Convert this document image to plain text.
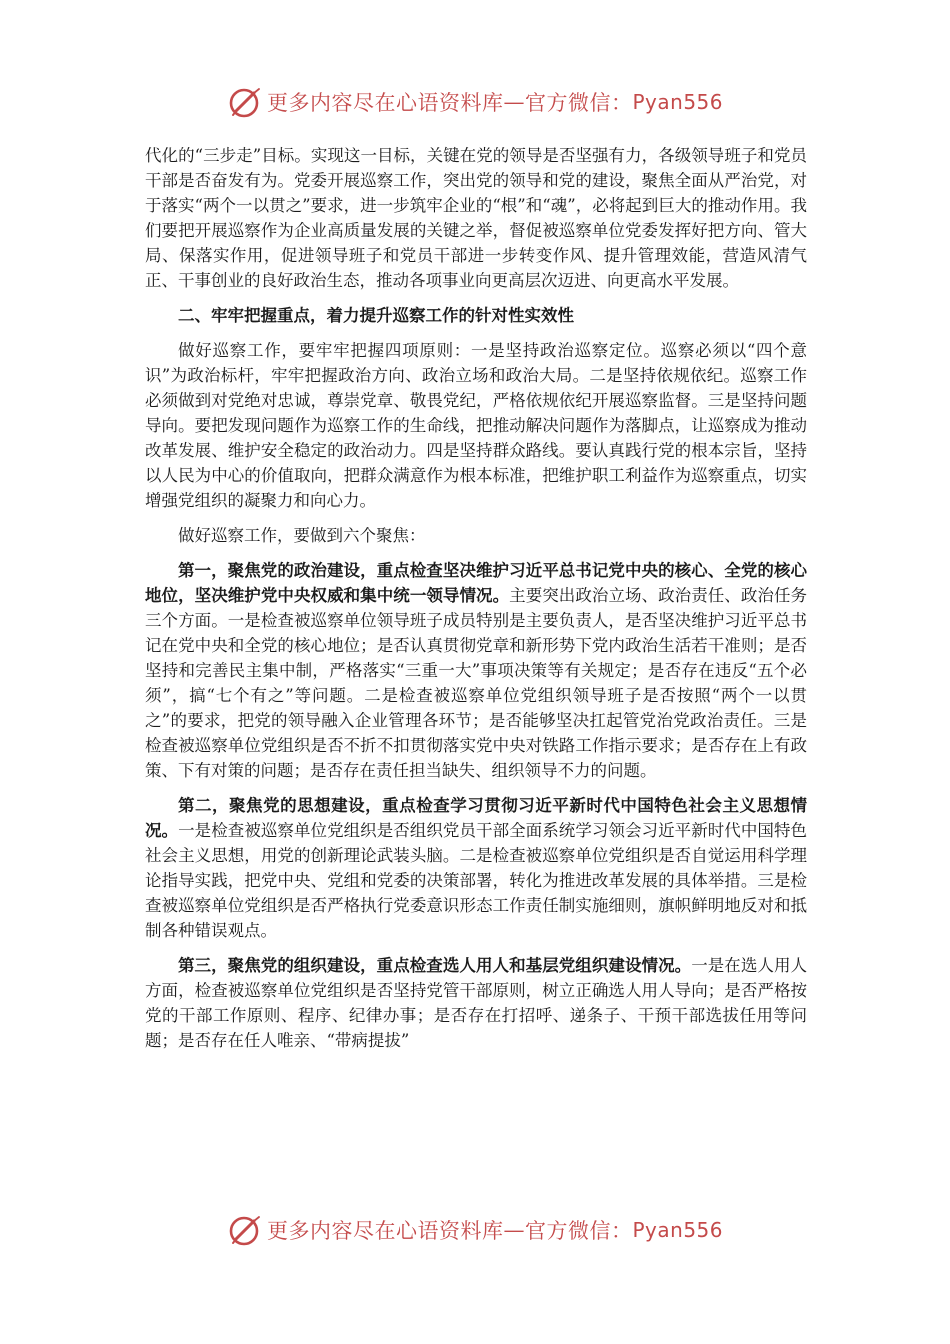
更多内容尽在心语资料库 — 官方微信： Pyan556

代化的“三步走”目标。实现这一目标，关键在党的领导是否坚强有力，各级领导班子和党员干部是否奋发有为。党委开展巡察工作，突出党的领导和党的建设，聚焦全面从严治党，对于落实“两个一以贯之”要求，进一步筑牢企业的“根”和“魂”，必将起到巨大的推动作用。我们要把开展巡察作为企业高质量发展的关键之举，督促被巡察单位党委发挥好把方向、管大局、保落实作用，促进领导班子和党员干部进一步转变作风、提升管理效能，营造风清气正、干事创业的良好政治生态，推动各项事业向更高层次迈进、向更高水平发展。

二、牢牢把握重点，着力提升巡察工作的针对性实效性

做好巡察工作，要牢牢把握四项原则：一是坚持政治巡察定位。巡察必须以“四个意识”为政治标杆，牢牢把握政治方向、政治立场和政治大局。二是坚持依规依纪。巡察工作必须做到对党绝对忠诚，尊崇党章、敬畏党纪，严格依规依纪开展巡察监督。三是坚持问题导向。要把发现问题作为巡察工作的生命线，把推动解决问题作为落脚点，让巡察成为推动改革发展、维护安全稳定的政治动力。四是坚持群众路线。要认真践行党的根本宗旨，坚持以人民为中心的价值取向，把群众满意作为根本标准，把维护职工利益作为巡察重点，切实增强党组织的凝聚力和向心力。

做好巡察工作，要做到六个聚焦：

第一，聚焦党的政治建设，重点检查坚决维护习近平总书记党中央的核心、全党的核心地位，坚决维护党中央权威和集中统一领导情况。主要突出政治立场、政治责任、政治任务三个方面。一是检查被巡察单位领导班子成员特别是主要负责人，是否坚决维护习近平总书记在党中央和全党的核心地位；是否认真贯彻党章和新形势下党内政治生活若干准则；是否坚持和完善民主集中制，严格落实“三重一大”事项决策等有关规定；是否存在违反“五个必须”，搞“七个有之”等问题。二是检查被巡察单位党组织领导班子是否按照“两个一以贯之”的要求，把党的领导融入企业管理各环节；是否能够坚决扛起管党治党政治责任。三是检查被巡察单位党组织是否不折不扣贯彻落实党中央对铁路工作指示要求；是否存在上有政策、下有对策的问题；是否存在责任担当缺失、组织领导不力的问题。

第二，聚焦党的思想建设，重点检查学习贯彻习近平新时代中国特色社会主义思想情况。一是检查被巡察单位党组织是否组织党员干部全面系统学习领会习近平新时代中国特色社会主义思想，用党的创新理论武装头脑。二是检查被巡察单位党组织是否自觉运用科学理论指导实践，把党中央、党组和党委的决策部署，转化为推进改革发展的具体举措。三是检查被巡察单位党组织是否严格执行党委意识形态工作责任制实施细则，旗帜鲜明地反对和抵制各种错误观点。

第三，聚焦党的组织建设，重点检查选人用人和基层党组织建设情况。一是在选人用人方面，检查被巡察单位党组织是否坚持党管干部原则，树立正确选人用人导向；是否严格按党的干部工作原则、程序、纪律办事；是否存在打招呼、递条子、干预干部选拔任用等问题；是否存在任人唯亲、“带病提拔”

更多内容尽在心语资料库 — 官方微信： Pyan556
